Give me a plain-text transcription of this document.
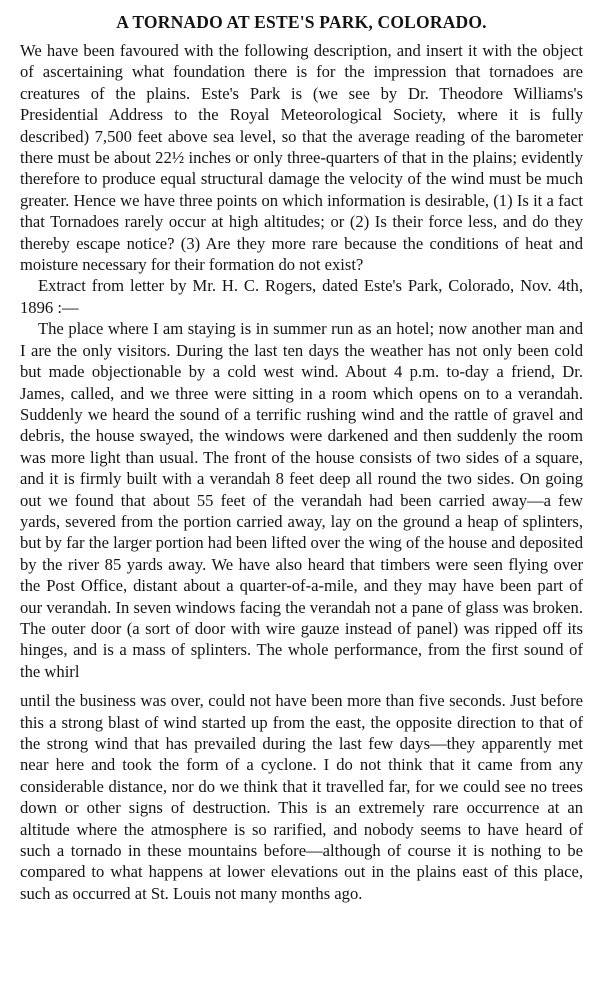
A TORNADO AT ESTE'S PARK, COLORADO.

We have been favoured with the following description, and insert it with the object of ascertaining what foundation there is for the impression that tornadoes are creatures of the plains. Este's Park is (we see by Dr. Theodore Williams's Presidential Address to the Royal Meteorological Society, where it is fully described) 7,500 feet above sea level, so that the average reading of the barometer there must be about 22½ inches or only three-quarters of that in the plains; evidently therefore to produce equal structural damage the velocity of the wind must be much greater. Hence we have three points on which information is desirable, (1) Is it a fact that Tornadoes rarely occur at high altitudes; or (2) Is their force less, and do they thereby escape notice? (3) Are they more rare because the conditions of heat and moisture necessary for their formation do not exist?

Extract from letter by Mr. H. C. Rogers, dated Este's Park, Colorado, Nov. 4th, 1896 :—

The place where I am staying is in summer run as an hotel; now another man and I are the only visitors. During the last ten days the weather has not only been cold but made objectionable by a cold west wind. About 4 p.m. to-day a friend, Dr. James, called, and we three were sitting in a room which opens on to a verandah. Suddenly we heard the sound of a terrific rushing wind and the rattle of gravel and debris, the house swayed, the windows were darkened and then suddenly the room was more light than usual. The front of the house consists of two sides of a square, and it is firmly built with a verandah 8 feet deep all round the two sides. On going out we found that about 55 feet of the verandah had been carried away—a few yards, severed from the portion carried away, lay on the ground a heap of splinters, but by far the larger portion had been lifted over the wing of the house and deposited by the river 85 yards away. We have also heard that timbers were seen flying over the Post Office, distant about a quarter-of-a-mile, and they may have been part of our verandah. In seven windows facing the verandah not a pane of glass was broken. The outer door (a sort of door with wire gauze instead of panel) was ripped off its hinges, and is a mass of splinters. The whole performance, from the first sound of the whirl

until the business was over, could not have been more than five seconds. Just before this a strong blast of wind started up from the east, the opposite direction to that of the strong wind that has prevailed during the last few days—they apparently met near here and took the form of a cyclone. I do not think that it came from any considerable distance, nor do we think that it travelled far, for we could see no trees down or other signs of destruction. This is an extremely rare occurrence at an altitude where the atmosphere is so rarified, and nobody seems to have heard of such a tornado in these mountains before—although of course it is nothing to be compared to what happens at lower elevations out in the plains east of this place, such as occurred at St. Louis not many months ago.
